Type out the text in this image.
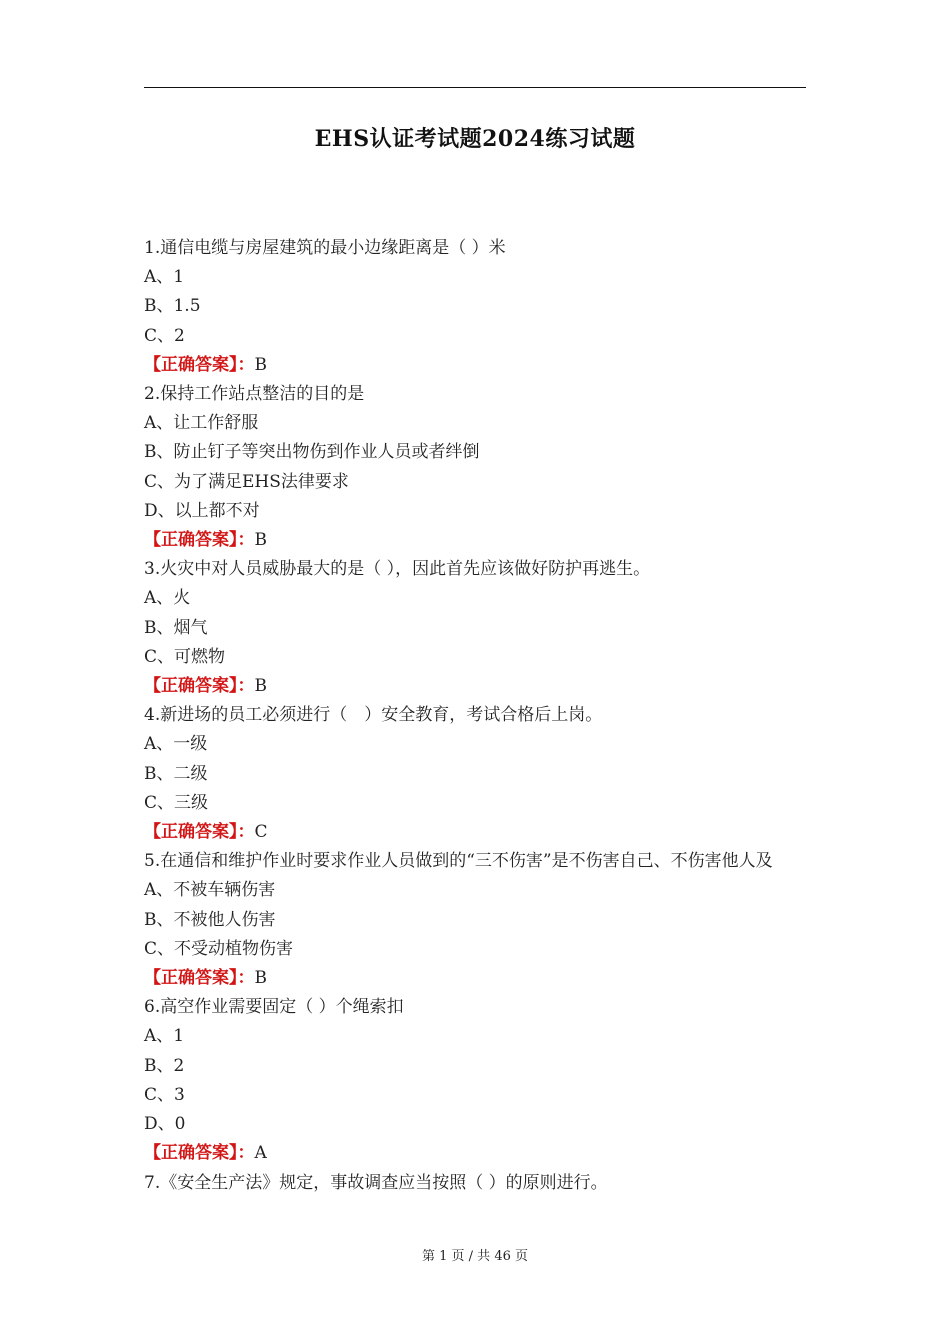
EHS认证考试题2024练习试题
1.通信电缆与房屋建筑的最小边缘距离是（ ）米
A、1
B、1.5
C、2
【正确答案】：B
2.保持工作站点整洁的目的是
A、让工作舒服
B、防止钉子等突出物伤到作业人员或者绊倒
C、为了满足EHS法律要求
D、以上都不对
【正确答案】：B
3.火灾中对人员威胁最大的是（ ），因此首先应该做好防护再逃生。
A、火
B、烟气
C、可燃物
【正确答案】：B
4.新进场的员工必须进行（　）安全教育，考试合格后上岗。
A、一级
B、二级
C、三级
【正确答案】：C
5.在通信和维护作业时要求作业人员做到的“三不伤害”是不伤害自己、不伤害他人及
A、不被车辆伤害
B、不被他人伤害
C、不受动植物伤害
【正确答案】：B
6.高空作业需要固定（ ）个绳索扣
A、1
B、2
C、3
D、0
【正确答案】：A
7.《安全生产法》规定，事故调查应当按照（ ）的原则进行。
第 1 页 / 共 46 页
